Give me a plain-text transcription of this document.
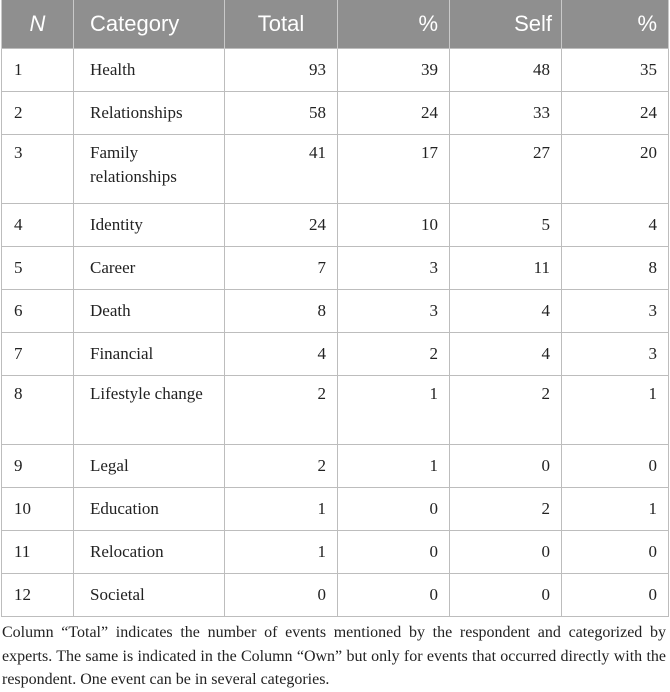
N	Category	Total	%	Self	%
1	Health	93	39	48	35
2	Relationships	58	24	33	24
3	Family relationships	41	17	27	20
4	Identity	24	10	5	4
5	Career	7	3	11	8
6	Death	8	3	4	3
7	Financial	4	2	4	3
8	Lifestyle change	2	1	2	1
9	Legal	2	1	0	0
10	Education	1	0	2	1
11	Relocation	1	0	0	0
12	Societal	0	0	0	0

Column “Total” indicates the number of events mentioned by the respondent and categorized by experts. The same is indicated in the Column “Own” but only for events that occurred directly with the respondent. One event can be in several categories.
